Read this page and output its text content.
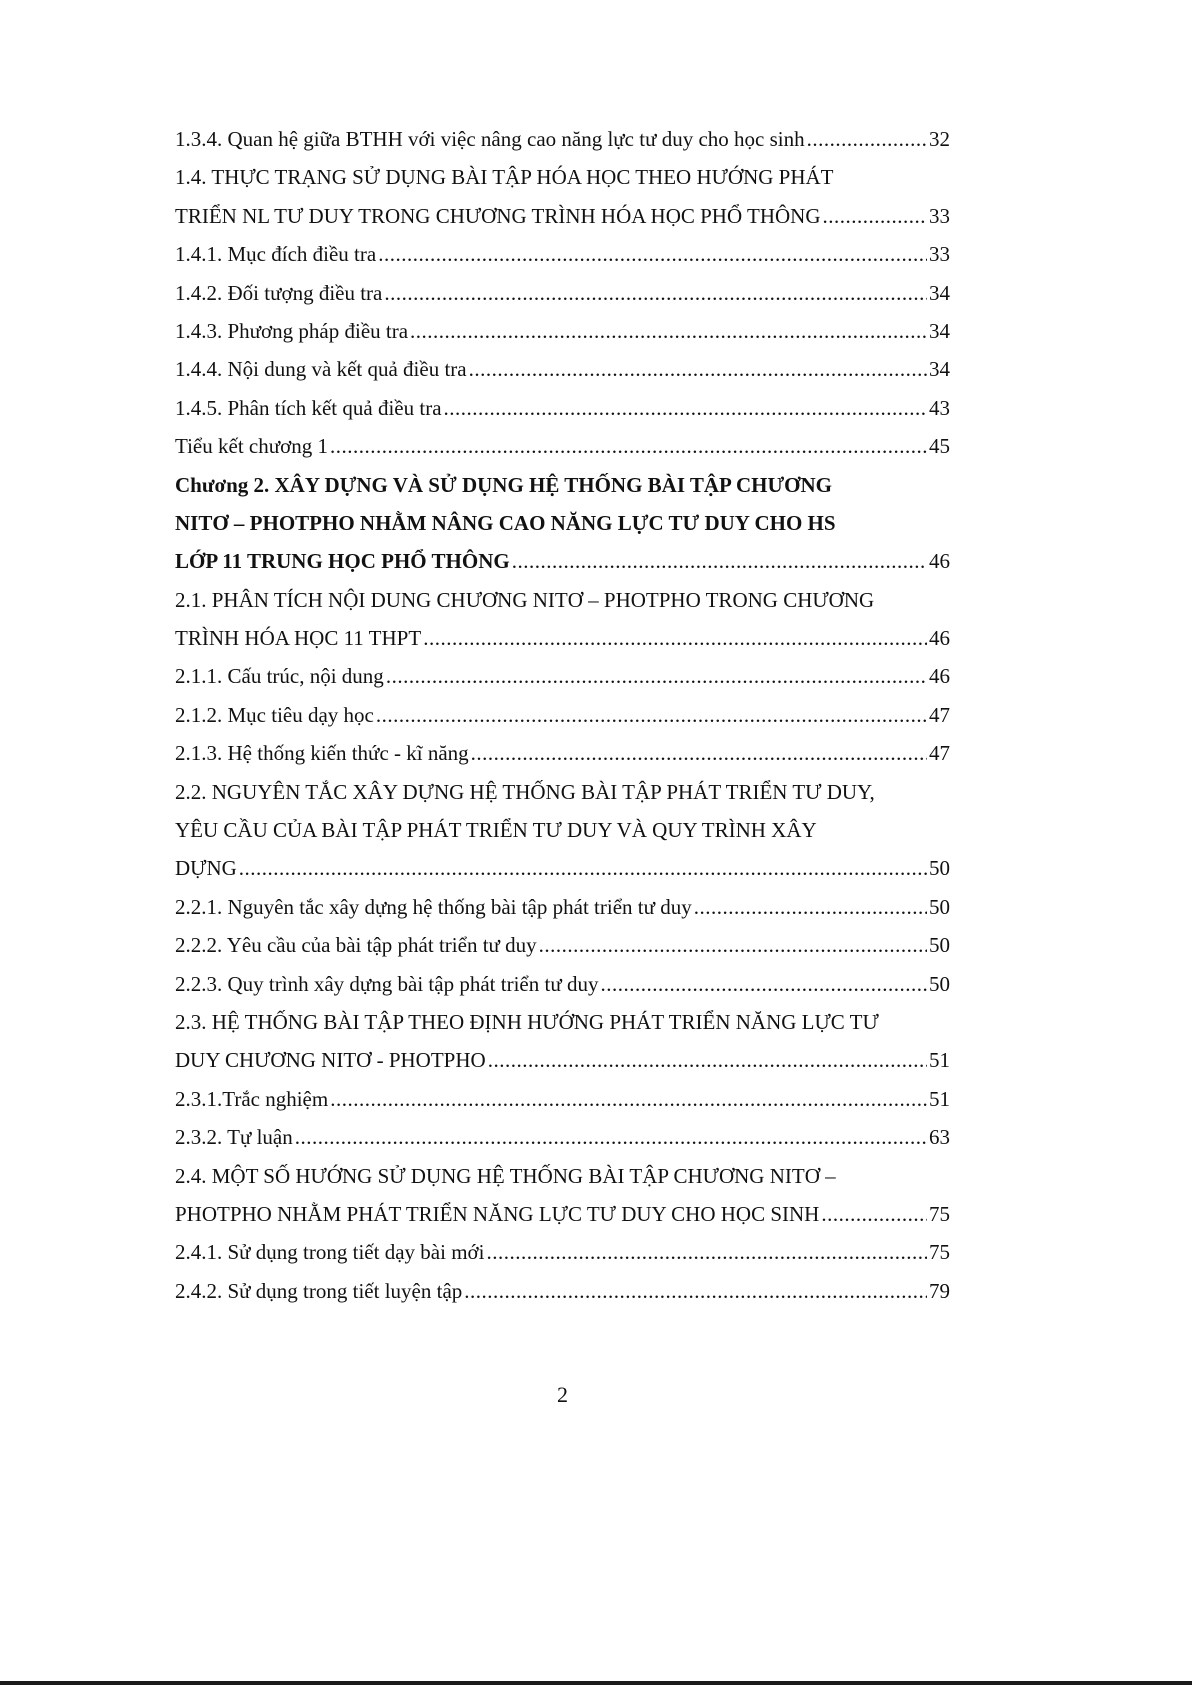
1.3.4. Quan hệ giữa BTHH với việc nâng cao năng lực tư duy cho học sinh .....	32
1.4. THỰC TRẠNG SỬ DỤNG BÀI TẬP HÓA HỌC THEO HƯỚNG PHÁT
TRIỂN NL TƯ DUY TRONG CHƯƠNG TRÌNH HÓA HỌC PHỔ THÔNG .....	33
1.4.1. Mục đích điều tra .....	33
1.4.2. Đối tượng điều tra .....	34
1.4.3. Phương pháp điều tra .....	34
1.4.4. Nội dung và kết quả điều tra .....	34
1.4.5. Phân tích kết quả điều tra .....	43
Tiểu kết chương 1 .....	45
Chương 2. XÂY DỰNG VÀ SỬ DỤNG HỆ THỐNG BÀI TẬP CHƯƠNG
NITƠ – PHOTPHO NHẰM NÂNG CAO NĂNG LỰC TƯ DUY CHO HS
LỚP 11 TRUNG HỌC PHỔ THÔNG .....	46
2.1. PHÂN TÍCH NỘI DUNG CHƯƠNG NITƠ – PHOTPHO TRONG CHƯƠNG
TRÌNH HÓA HỌC 11 THPT .....	46
2.1.1. Cấu trúc, nội dung .....	46
2.1.2. Mục tiêu dạy học .....	47
2.1.3. Hệ thống kiến thức - kĩ năng .....	47
2.2. NGUYÊN TẮC XÂY DỰNG HỆ THỐNG BÀI TẬP PHÁT TRIỂN TƯ DUY,
YÊU CẦU CỦA BÀI TẬP PHÁT TRIỂN TƯ DUY VÀ QUY TRÌNH XÂY
DỰNG .....	50
2.2.1. Nguyên tắc xây dựng hệ thống bài tập phát triển tư duy .....	50
2.2.2. Yêu cầu của bài tập phát triển tư duy .....	50
2.2.3. Quy trình xây dựng bài tập phát triển tư duy .....	50
2.3. HỆ THỐNG BÀI TẬP THEO ĐỊNH HƯỚNG PHÁT TRIỂN NĂNG LỰC TƯ
DUY CHƯƠNG NITƠ - PHOTPHO .....	51
2.3.1.Trắc nghiệm .....	51
2.3.2. Tự luận .....	63
2.4. MỘT SỐ HƯỚNG SỬ DỤNG HỆ THỐNG BÀI TẬP CHƯƠNG NITƠ –
PHOTPHO NHẰM PHÁT TRIỂN NĂNG LỰC TƯ DUY CHO HỌC SINH .....	75
2.4.1. Sử dụng trong tiết dạy bài mới .....	75
2.4.2. Sử dụng trong tiết luyện tập .....	79
2
